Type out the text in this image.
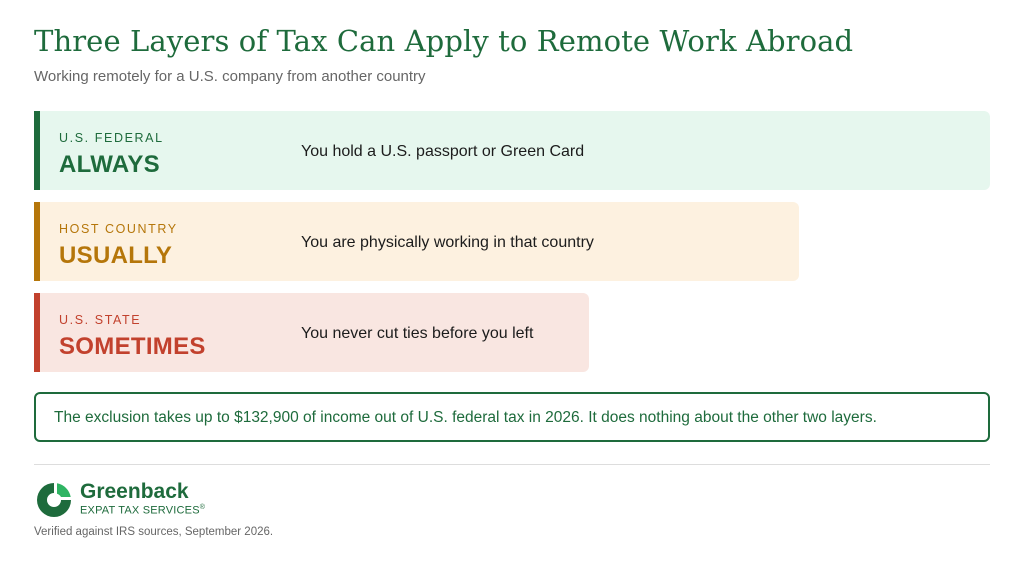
Three Layers of Tax Can Apply to Remote Work Abroad
Working remotely for a U.S. company from another country
U.S. FEDERAL
ALWAYS	You hold a U.S. passport or Green Card
HOST COUNTRY
USUALLY	You are physically working in that country
U.S. STATE
SOMETIMES	You never cut ties before you left
The exclusion takes up to $132,900 of income out of U.S. federal tax in 2026. It does nothing about the other two layers.
Greenback
EXPAT TAX SERVICES®
Verified against IRS sources, September 2026.
